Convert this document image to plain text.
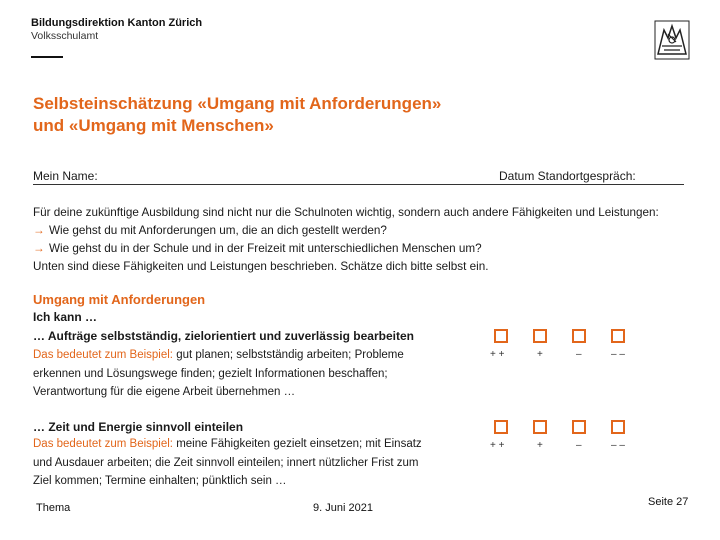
Bildungsdirektion Kanton Zürich
Volksschulamt
Selbsteinschätzung «Umgang mit Anforderungen»
und «Umgang mit Menschen»
Mein Name:	Datum Standortgespräch:
Für deine zukünftige Ausbildung sind nicht nur die Schulnoten wichtig, sondern auch andere Fähigkeiten und Leistungen:
→ Wie gehst du mit Anforderungen um, die an dich gestellt werden?
→ Wie gehst du in der Schule und in der Freizeit mit unterschiedlichen Menschen um?
Unten sind diese Fähigkeiten und Leistungen beschrieben. Schätze dich bitte selbst ein.
Umgang mit Anforderungen
Ich kann …
… Aufträge selbstständig, zielorientiert und zuverlässig bearbeiten
Das bedeutet zum Beispiel: gut planen; selbstständig arbeiten; Probleme
erkennen und Lösungswege finden; gezielt Informationen beschaffen;
Verantwortung für die eigene Arbeit übernehmen …
+ +	+	–	– –
… Zeit und Energie sinnvoll einteilen
Das bedeutet zum Beispiel: meine Fähigkeiten gezielt einsetzen; mit Einsatz
und Ausdauer arbeiten; die Zeit sinnvoll einteilen; innert nützlicher Frist zum
Ziel kommen; Termine einhalten; pünktlich sein …
+ +	+	–	– –
Thema	9. Juni 2021	Seite 27
